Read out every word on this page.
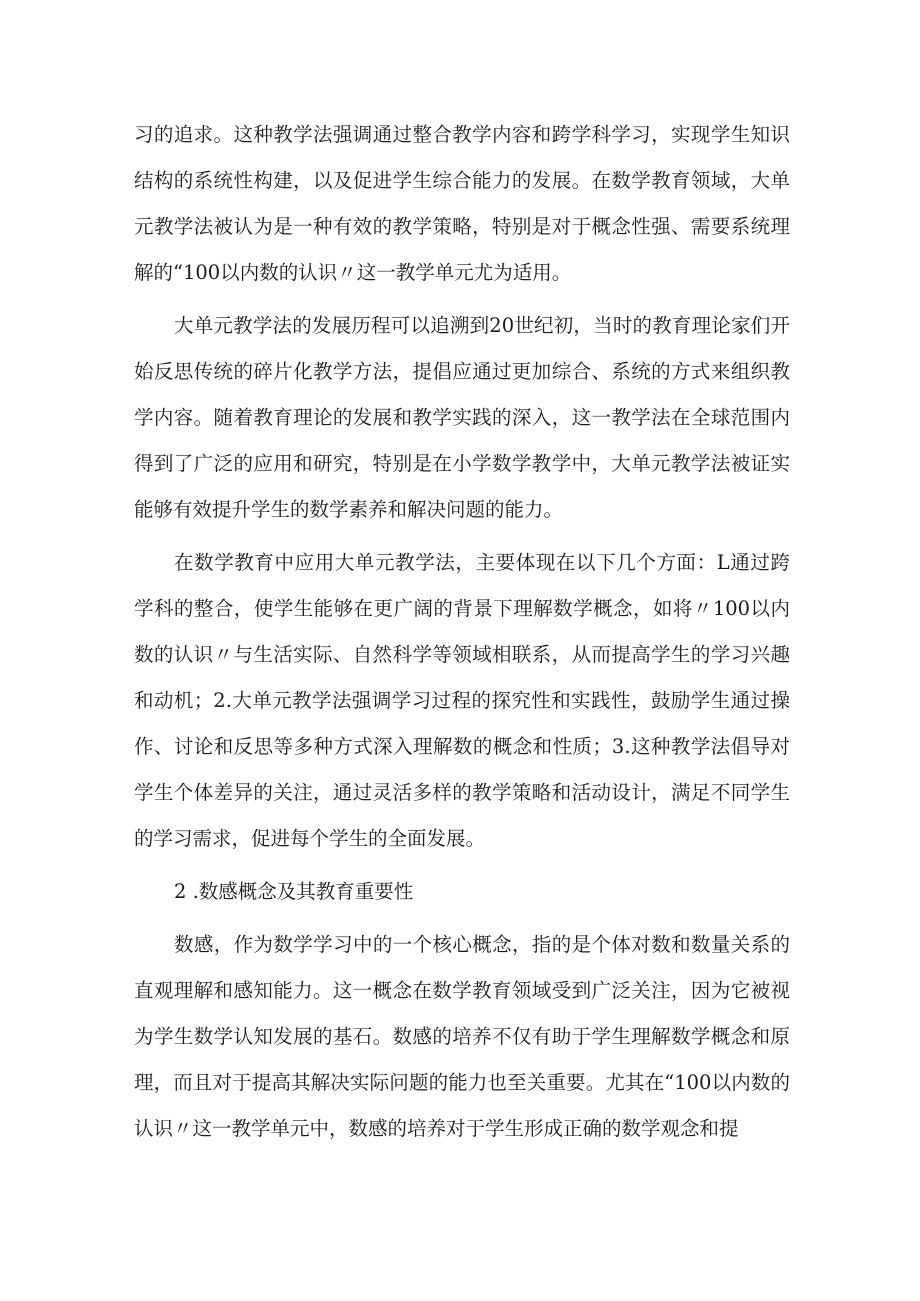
习的追求。这种教学法强调通过整合教学内容和跨学科学习，实现学生知识结构的系统性构建，以及促进学生综合能力的发展。在数学教育领域，大单元教学法被认为是一种有效的教学策略，特别是对于概念性强、需要系统理解的“100以内数的认识〃这一教学单元尤为适用。

大单元教学法的发展历程可以追溯到20世纪初，当时的教育理论家们开始反思传统的碎片化教学方法，提倡应通过更加综合、系统的方式来组织教学内容。随着教育理论的发展和教学实践的深入，这一教学法在全球范围内得到了广泛的应用和研究，特别是在小学数学教学中，大单元教学法被证实能够有效提升学生的数学素养和解决问题的能力。

在数学教育中应用大单元教学法，主要体现在以下几个方面：L通过跨学科的整合，使学生能够在更广阔的背景下理解数学概念，如将〃100以内数的认识〃与生活实际、自然科学等领域相联系，从而提高学生的学习兴趣和动机；2.大单元教学法强调学习过程的探究性和实践性，鼓励学生通过操作、讨论和反思等多种方式深入理解数的概念和性质；3.这种教学法倡导对学生个体差异的关注，通过灵活多样的教学策略和活动设计，满足不同学生的学习需求，促进每个学生的全面发展。

2 .数感概念及其教育重要性

数感，作为数学学习中的一个核心概念，指的是个体对数和数量关系的直观理解和感知能力。这一概念在数学教育领域受到广泛关注，因为它被视为学生数学认知发展的基石。数感的培养不仅有助于学生理解数学概念和原理，而且对于提高其解决实际问题的能力也至关重要。尤其在“100以内数的认识〃这一教学单元中，数感的培养对于学生形成正确的数学观念和提
